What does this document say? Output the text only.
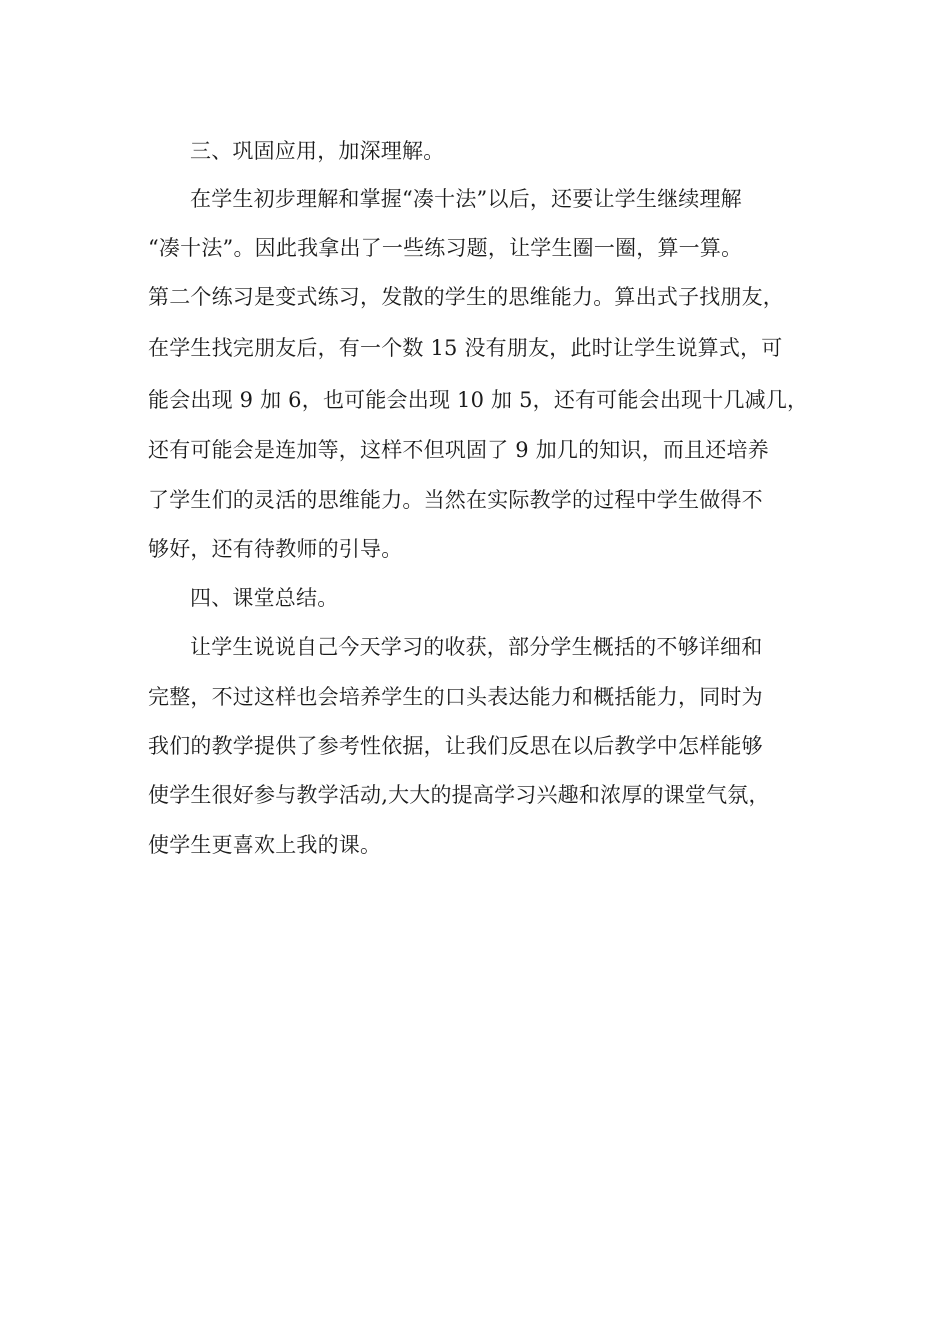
三、巩固应用，加深理解。
在学生初步理解和掌握“凑十法”以后，还要让学生继续理解
“凑十法”。因此我拿出了一些练习题，让学生圈一圈，算一算。
第二个练习是变式练习，发散的学生的思维能力。算出式子找朋友，
在学生找完朋友后，有一个数 15 没有朋友，此时让学生说算式，可
能会出现 9 加 6，也可能会出现 10 加 5，还有可能会出现十几减几，
还有可能会是连加等，这样不但巩固了 9 加几的知识，而且还培养
了学生们的灵活的思维能力。当然在实际教学的过程中学生做得不
够好，还有待教师的引导。
四、课堂总结。
让学生说说自己今天学习的收获，部分学生概括的不够详细和
完整，不过这样也会培养学生的口头表达能力和概括能力，同时为
我们的教学提供了参考性依据，让我们反思在以后教学中怎样能够
使学生很好参与教学活动,大大的提高学习兴趣和浓厚的课堂气氛，
使学生更喜欢上我的课。
